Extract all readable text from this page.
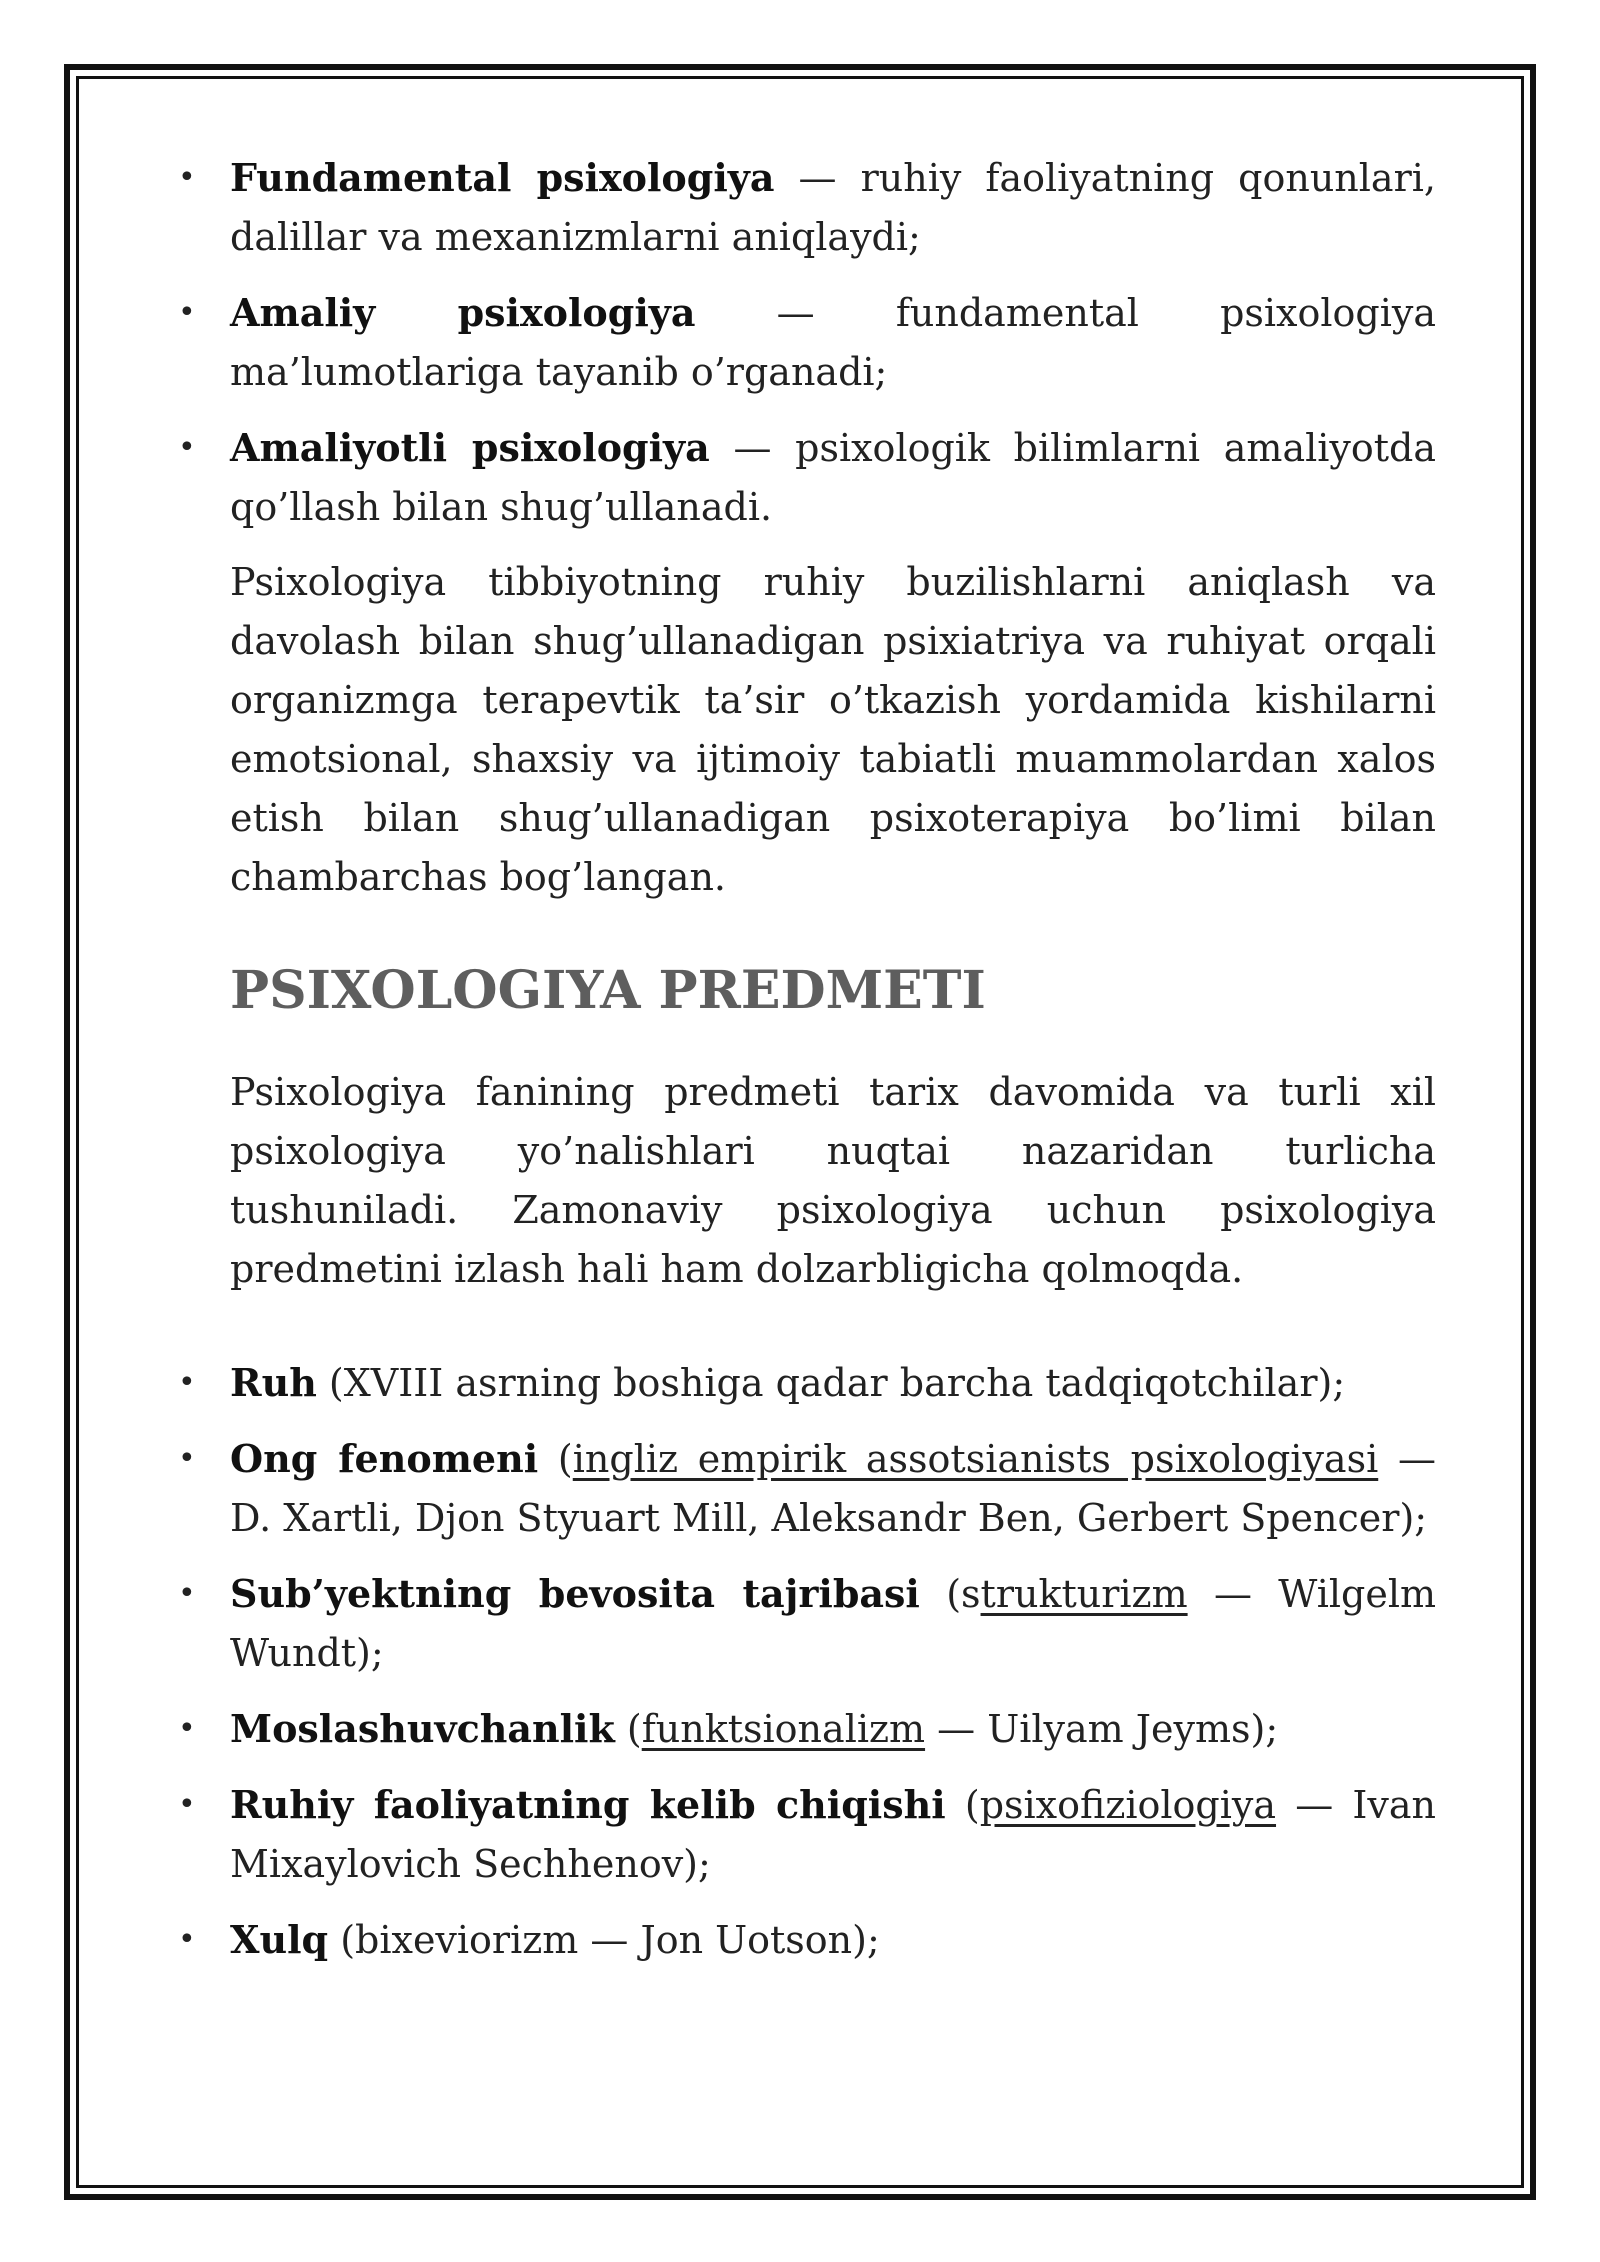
• Fundamental psixologiya — ruhiy faoliyatning qonunlari, dalillar va mexanizmlarni aniqlaydi;
• Amaliy psixologiya — fundamental psixologiya ma’lumotlariga tayanib o’rganadi;
• Amaliyotli psixologiya — psixologik bilimlarni amaliyotda qo’llash bilan shug’ullanadi.

Psixologiya tibbiyotning ruhiy buzilishlarni aniqlash va davolash bilan shug’ullanadigan psixiatriya va ruhiyat orqali organizmga terapevtik ta’sir o’tkazish yordamida kishilarni emotsional, shaxsiy va ijtimoiy tabiatli muammolardan xalos etish bilan shug’ullanadigan psixoterapiya bo’limi bilan chambarchas bog’langan.

PSIXOLOGIYA PREDMETI

Psixologiya fanining predmeti tarix davomida va turli xil psixologiya yo’nalishlari nuqtai nazaridan turlicha tushuniladi. Zamonaviy psixologiya uchun psixologiya predmetini izlash hali ham dolzarbligicha qolmoqda.

• Ruh (XVIII asrning boshiga qadar barcha tadqiqotchilar);
• Ong fenomeni (ingliz empirik assotsianists psixologiyasi — D. Xartli, Djon Styuart Mill, Aleksandr Ben, Gerbert Spencer);
• Sub’yektning bevosita tajribasi (strukturizm — Wilgelm Wundt);
• Moslashuvchanlik (funktsionalizm — Uilyam Jeyms);
• Ruhiy faoliyatning kelib chiqishi (psixofiziologiya — Ivan Mixaylovich Sechhenov);
• Xulq (bixeviorizm — Jon Uotson);
